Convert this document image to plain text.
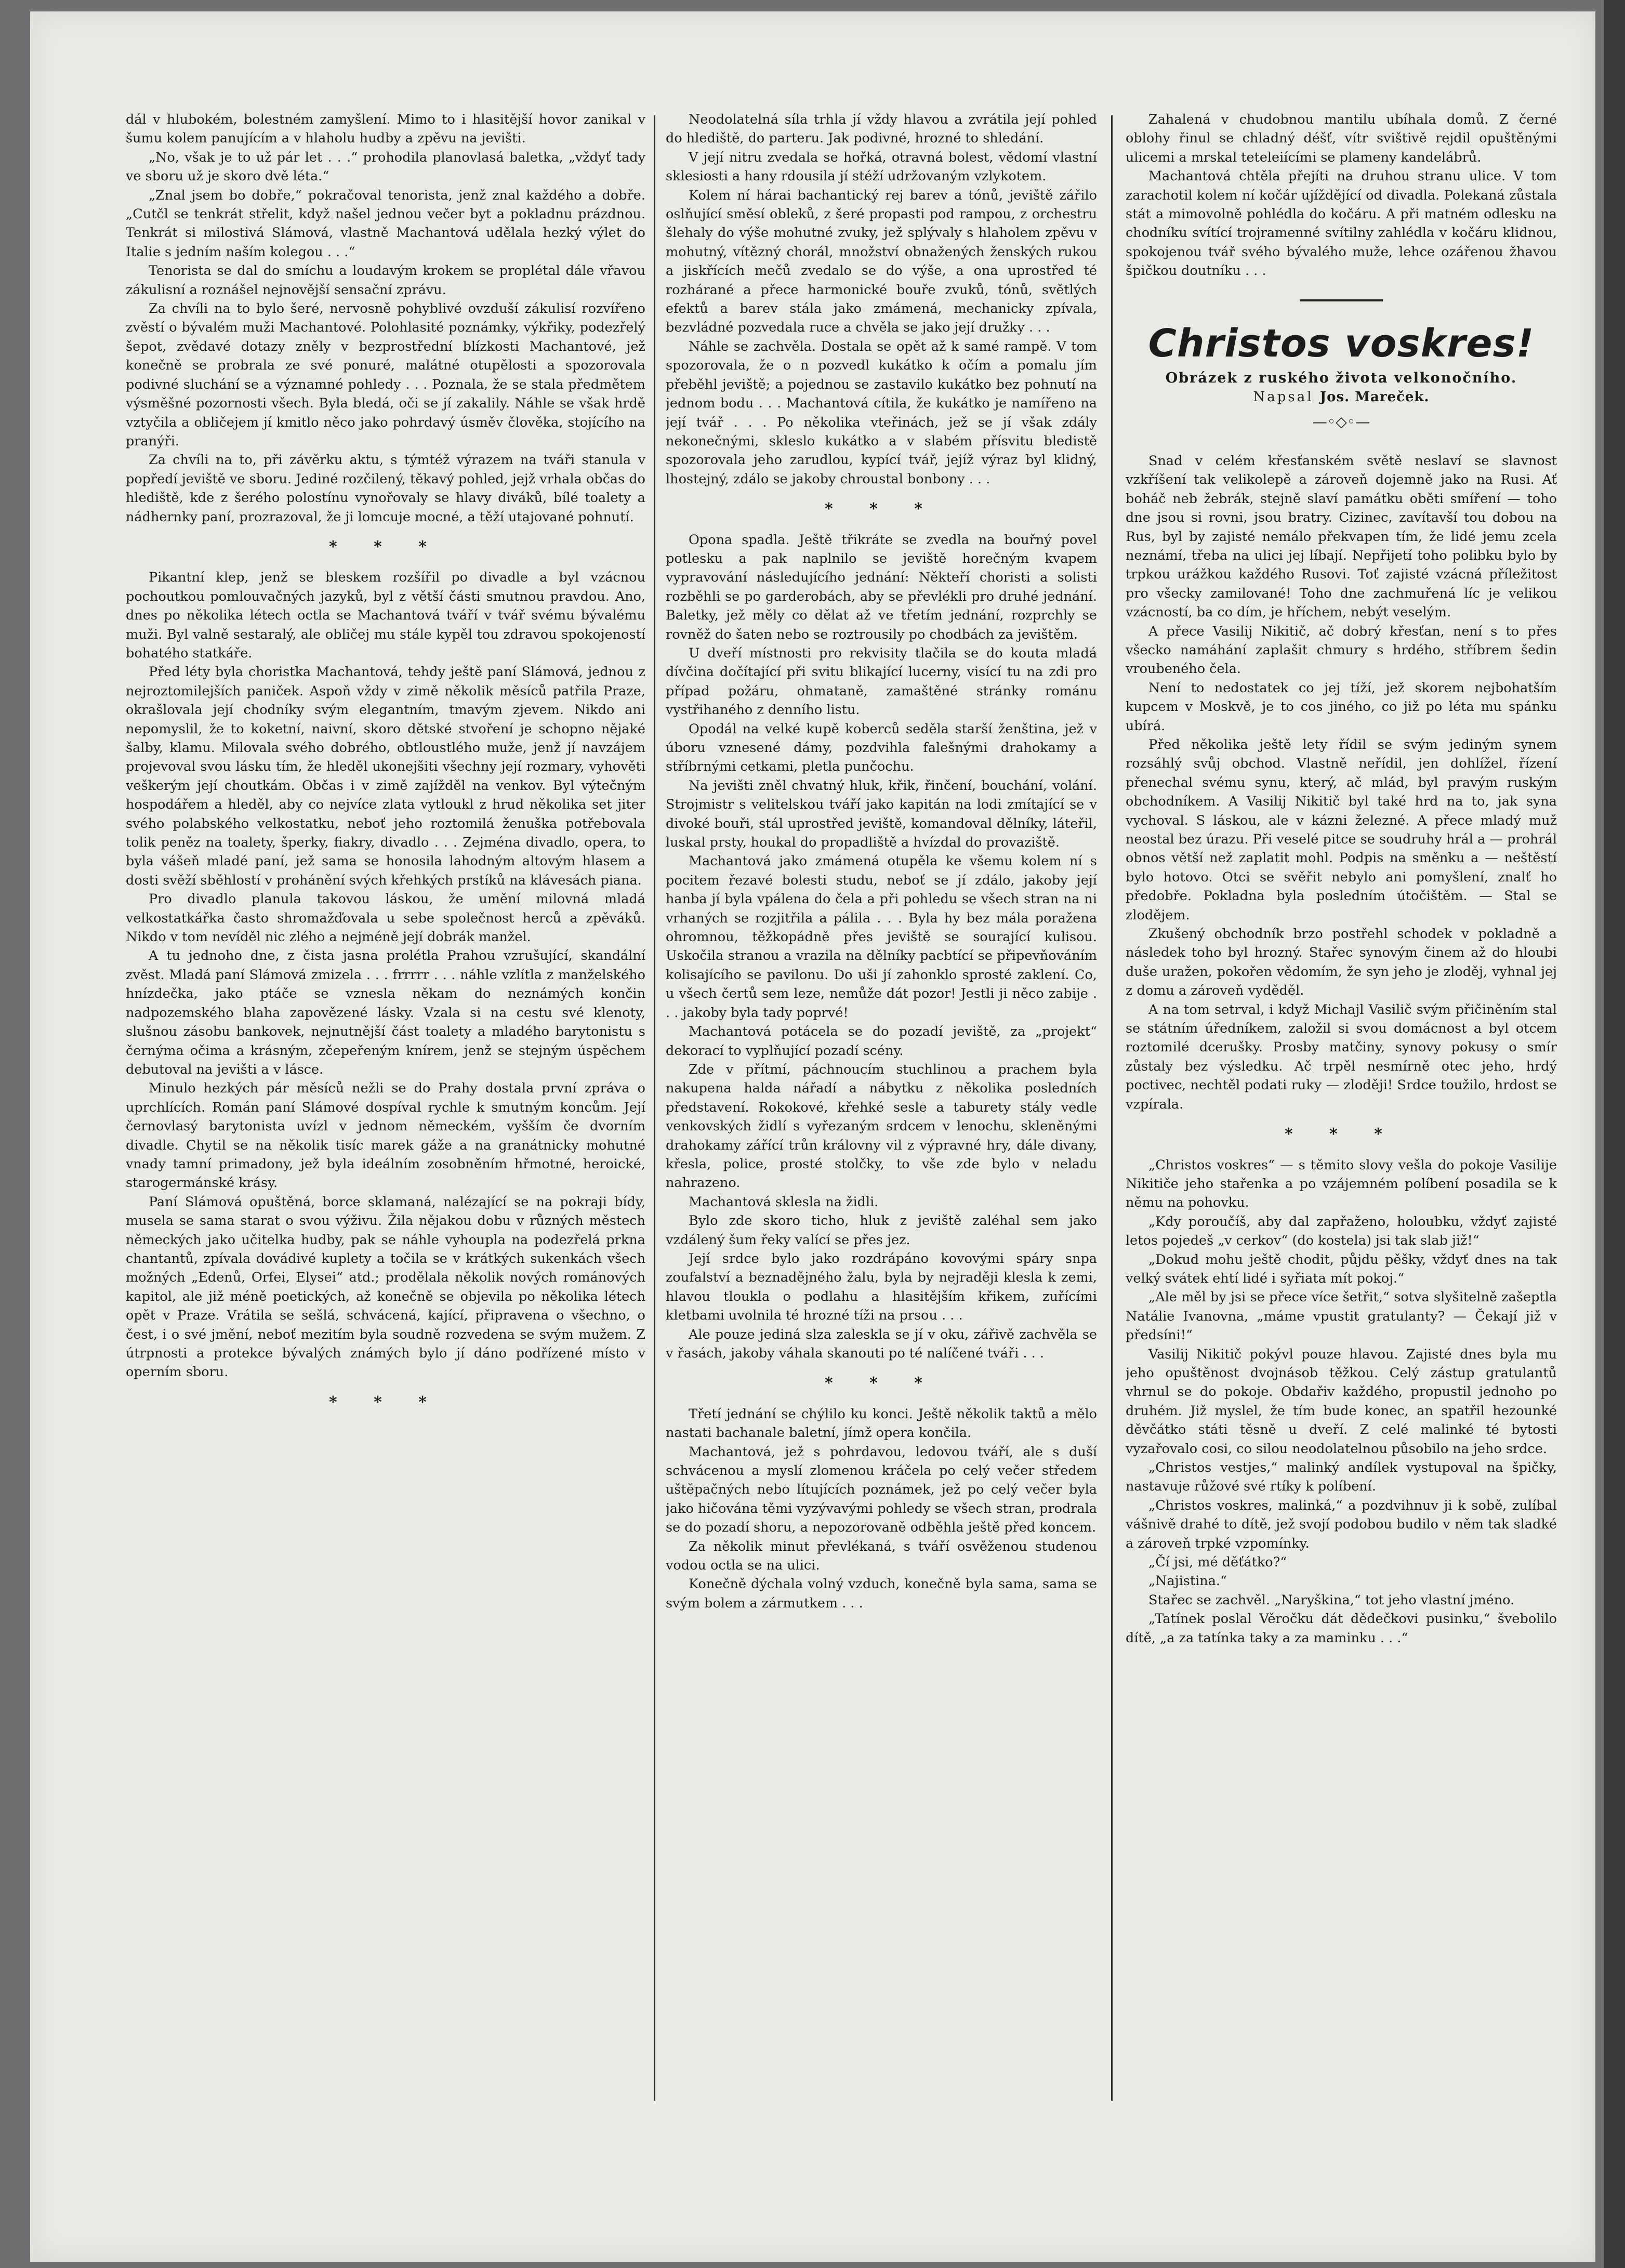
dál v hlubokém, bolestném zamyšlení. Mimo to i hlasitější hovor zanikal v šumu kolem panujícím a v hlaholu hudby a zpěvu na jevišti.

„No, však je to už pár let . . .“ prohodila planovlasá baletka, „vždyť tady ve sboru už je skoro dvě léta.“

„Znal jsem bo dobře,“ pokračoval tenorista, jenž znal každého a dobře. „Cutčl se tenkrát střelit, když našel jednou večer byt a pokladnu prázdnou. Tenkrát si milostivá Slámová, vlastně Machantová udělala hezký výlet do Italie s jedním naším kolegou . . .“

Tenorista se dal do smíchu a loudavým krokem se proplétal dále vřavou zákulisní a roznášel nejnovější sensační zprávu.

Za chvíli na to bylo šeré, nervosně pohyblivé ovzduší zákulisí rozvířeno zvěstí o bývalém muži Machantové. Polohlasité poznámky, výkřiky, podezřelý šepot, zvědavé dotazy zněly v bezprostřední blízkosti Machantové, jež konečně se probrala ze své ponuré, malátné otupělosti a spozorovala podivné sluchání se a významné pohledy . . . Poznala, že se stala předmětem výsměšné pozornosti všech. Byla bledá, oči se jí zakalily. Náhle se však hrdě vztyčila a obličejem jí kmitlo něco jako pohrdavý úsměv člověka, stojícího na pranýři.

Za chvíli na to, při závěrku aktu, s týmtéž výrazem na tváři stanula v popředí jeviště ve sboru. Jediné rozčilený, těkavý pohled, jejž vrhala občas do hlediště, kde z šerého polostínu vynořovaly se hlavy diváků, bílé toalety a nádhernky paní, prozrazoval, že ji lomcuje mocné, a těží utajované pohnutí.

* * *

Pikantní klep, jenž se bleskem rozšířil po divadle a byl vzácnou pochoutkou pomlouvačných jazyků, byl z větší části smutnou pravdou. Ano, dnes po několika létech octla se Machantová tváří v tvář svému bývalému muži. Byl valně sestaralý, ale obličej mu stále kypěl tou zdravou spokojeností bohatého statkáře.

Před léty byla choristka Machantová, tehdy ještě paní Slámová, jednou z nejroztomilejších paniček. Aspoň vždy v zimě několik měsíců patřila Praze, okrašlovala její chodníky svým elegantním, tmavým zjevem. Nikdo ani nepomyslil, že to koketní, naivní, skoro dětské stvoření je schopno nějaké šalby, klamu. Milovala svého dobrého, obtloustlého muže, jenž jí navzájem projevoval svou lásku tím, že hleděl ukonejšiti všechny její rozmary, vyhověti veškerým její choutkám. Občas i v zimě zajížděl na venkov. Byl výtečným hospodářem a hleděl, aby co nejvíce zlata vytloukl z hrud několika set jiter svého polabského velkostatku, neboť jeho roztomilá ženuška potřebovala tolik peněz na toalety, šperky, fiakry, divadlo . . . Zejména divadlo, opera, to byla vášeň mladé paní, jež sama se honosila lahodným altovým hlasem a dosti svěží sběhlostí v prohánění svých křehkých prstíků na klávesách piana.

Pro divadlo planula takovou láskou, že umění milovná mladá velkostatkářka často shromažďovala u sebe společnost herců a zpěváků. Nikdo v tom nevíděl nic zlého a nejméně její dobrák manžel.

A tu jednoho dne, z čista jasna prolétla Prahou vzrušující, skandální zvěst. Mladá paní Slámová zmizela . . . frrrrr . . . náhle vzlítla z manželského hnízdečka, jako ptáče se vznesla někam do neznámých končin nadpozemského blaha zapovězené lásky. Vzala si na cestu své klenoty, slušnou zásobu bankovek, nejnutnější část toalety a mladého barytonistu s černýma očima a krásným, zčepeřeným knírem, jenž se stejným úspěchem debutoval na jevišti a v lásce.

Minulo hezkých pár měsíců nežli se do Prahy dostala první zpráva o uprchlících. Román paní Slámové dospíval rychle k smutným koncům. Její černovlasý barytonista uvízl v jednom německém, vyšším če dvorním divadle. Chytil se na několik tisíc marek gáže a na granátnicky mohutné vnady tamní primadony, jež byla ideálním zosobněním hřmotné, heroické, starogermánské krásy.

Paní Slámová opuštěná, borce sklamaná, nalézající se na pokraji bídy, musela se sama starat o svou výživu. Žila nějakou dobu v různých městech německých jako učitelka hudby, pak se náhle vyhoupla na podezřelá prkna chantantů, zpívala dovádivé kuplety a točila se v krátkých sukenkách všech možných „Edenů, Orfei, Elysei“ atd.; prodělala několik nových románových kapitol, ale již méně poetických, až konečně se objevila po několika létech opět v Praze. Vrátila se sešlá, schvácená, kající, připravena o všechno, o čest, i o své jmění, neboť mezitím byla soudně rozvedena se svým mužem. Z útrpnosti a protekce bývalých známých bylo jí dáno podřízené místo v operním sboru.

* * *

Neodolatelná síla trhla jí vždy hlavou a zvrátila její pohled do hlediště, do parteru. Jak podivné, hrozné to shledání.

V její nitru zvedala se hořká, otravná bolest, vědomí vlastní sklesiosti a hany rdousila jí stéží udržovaným vzlykotem.

Kolem ní hárai bachantický rej barev a tónů, jeviště zářilo oslňující směsí obleků, z šeré propasti pod rampou, z orchestru šlehaly do výše mohutné zvuky, jež splývaly s hlaholem zpěvu v mohutný, vítězný chorál, množství obnažených ženských rukou a jiskřících mečů zvedalo se do výše, a ona uprostřed té rozhárané a přece harmonické bouře zvuků, tónů, světlých efektů a barev stála jako zmámená, mechanicky zpívala, bezvládné pozvedala ruce a chvěla se jako její družky . . .

Náhle se zachvěla. Dostala se opět až k samé rampě. V tom spozorovala, že o n pozvedl kukátko k očím a pomalu jím přeběhl jeviště; a pojednou se zastavilo kukátko bez pohnutí na jednom bodu . . . Machantová cítila, že kukátko je namířeno na její tvář . . . Po několika vteřinách, jež se jí však zdály nekonečnými, skleslo kukátko a v slabém přísvitu bledistě spozorovala jeho zarudlou, kypící tvář, jejíž výraz byl klidný, lhostejný, zdálo se jakoby chroustal bonbony . . .

* * *

Opona spadla. Ještě třikráte se zvedla na bouřný povel potlesku a pak naplnilo se jeviště horečným kvapem vypravování následujícího jednání: Někteří choristi a solisti rozběhli se po garderobách, aby se převlékli pro druhé jednání. Baletky, jež měly co dělat až ve třetím jednání, rozprchly se rovněž do šaten nebo se roztrousily po chodbách za jevištěm.

U dveří místnosti pro rekvisity tlačila se do kouta mladá dívčina dočítající při svitu blikající lucerny, visící tu na zdi pro případ požáru, ohmataně, zamaštěné stránky románu vystřihaného z denního listu.

Opodál na velké kupě koberců seděla starší ženština, jež v úboru vznesené dámy, pozdvihla falešnými drahokamy a stříbrnými cetkami, pletla punčochu.

Na jevišti zněl chvatný hluk, křik, řinčení, bouchání, volání. Strojmistr s velitelskou tváří jako kapitán na lodi zmítající se v divoké bouři, stál uprostřed jeviště, komandoval dělníky, láteřil, luskal prsty, houkal do propadliště a hvízdal do provaziště.

Machantová jako zmámená otupěla ke všemu kolem ní s pocitem řezavé bolesti studu, neboť se jí zdálo, jakoby její hanba jí byla vpálena do čela a při pohledu se všech stran na ni vrhaných se rozjitřila a pálila . . . Byla hy bez mála poražena ohromnou, těžkopádně přes jeviště se sourající kulisou. Uskočila stranou a vrazila na dělníky pacbtící se připevňováním kolisajícího se pavilonu. Do uši jí zahonklo sprosté zaklení. Co, u všech čertů sem leze, nemůže dát pozor! Jestli ji něco zabije . . . jakoby byla tady poprvé!

Machantová potácela se do pozadí jeviště, za „projekt“ dekorací to vyplňující pozadí scény.

Zde v přítmí, páchnoucím stuchlinou a prachem byla nakupena halda nářadí a nábytku z několika posledních představení. Rokokové, křehké sesle a taburety stály vedle venkovských židlí s vyřezaným srdcem v lenochu, skleněnými drahokamy zářící trůn královny vil z výpravné hry, dále divany, křesla, police, prosté stolčky, to vše zde bylo v neladu nahrazeno.

Machantová sklesla na židli.

Bylo zde skoro ticho, hluk z jeviště zaléhal sem jako vzdálený šum řeky valící se přes jez.

Její srdce bylo jako rozdrápáno kovovými spáry snpa zoufalství a beznadějného žalu, byla by nejraději klesla k zemi, hlavou tloukla o podlahu a hlasitějším křikem, zuřícími kletbami uvolnila té hrozné tíži na prsou . . .

Ale pouze jediná slza zaleskla se jí v oku, zářivě zachvěla se v řasách, jakoby váhala skanouti po té nalíčené tváři . . .

* * *

Třetí jednání se chýlilo ku konci. Ještě několik taktů a mělo nastati bachanale baletní, jímž opera končila.

Machantová, jež s pohrdavou, ledovou tváří, ale s duší schvácenou a myslí zlomenou kráčela po celý večer středem uštěpačných nebo lítujících poznámek, jež po celý večer byla jako hičována těmi vyzývavými pohledy se všech stran, prodrala se do pozadí shoru, a nepozorovaně odběhla ještě před koncem.

Za několik minut převlékaná, s tváří osvěženou studenou vodou octla se na ulici.

Konečně dýchala volný vzduch, konečně byla sama, sama se svým bolem a zármutkem . . .

Zahalená v chudobnou mantilu ubíhala domů. Z černé oblohy řinul se chladný déšť, vítr svištivě rejdil opuštěnými ulicemi a mrskal teteleiícími se plameny kandelábrů.

Machantová chtěla přejíti na druhou stranu ulice. V tom zarachotil kolem ní kočár ujíždějící od divadla. Polekaná zůstala stát a mimovolně pohlédla do kočáru. A při matném odlesku na chodníku svítící trojramenné svítilny zahlédla v kočáru klidnou, spokojenou tvář svého bývalého muže, lehce ozářenou žhavou špičkou doutníku . . .

Christos voskres!
Obrázek z ruského života velkonočního.
Napsal Jos. Mareček.
—◦◇◦—

Snad v celém křesťanském světě neslaví se slavnost vzkříšení tak velikolepě a zároveň dojemně jako na Rusi. Ať boháč neb žebrák, stejně slaví památku oběti smíření — toho dne jsou si rovni, jsou bratry. Cizinec, zavítavší tou dobou na Rus, byl by zajisté nemálo překvapen tím, že lidé jemu zcela neznámí, třeba na ulici jej líbají. Nepřijetí toho polibku bylo by trpkou urážkou každého Rusovi. Toť zajisté vzácná příležitost pro všecky zamilované! Toho dne zachmuřená líc je velikou vzácností, ba co dím, je hříchem, nebýt veselým.

A přece Vasilij Nikitič, ač dobrý křesťan, není s to přes všecko namáhání zaplašit chmury s hrdého, stříbrem šedin vroubeného čela.

Není to nedostatek co jej tíží, jež skorem nejbohatším kupcem v Moskvě, je to cos jiného, co již po léta mu spánku ubírá.

Před několika ještě lety řídil se svým jediným synem rozsáhlý svůj obchod. Vlastně neřídil, jen dohlížel, řízení přenechal svému synu, který, ač mlád, byl pravým ruským obchodníkem. A Vasilij Nikitič byl také hrd na to, jak syna vychoval. S láskou, ale v kázni železné. A přece mladý muž neostal bez úrazu. Při veselé pitce se soudruhy hrál a — prohrál obnos větší než zaplatit mohl. Podpis na směnku a — neštěstí bylo hotovo. Otci se svěřit nebylo ani pomyšlení, znalť ho předobře. Pokladna byla posledním útočištěm. — Stal se zlodějem.

Zkušený obchodník brzo postřehl schodek v pokladně a následek toho byl hrozný. Stařec synovým činem až do hloubi duše uražen, pokořen vědomím, že syn jeho je zloděj, vyhnal jej z domu a zároveň vyděděl.

A na tom setrval, i když Michajl Vasilič svým přičiněním stal se státním úředníkem, založil si svou domácnost a byl otcem roztomilé dcerušky. Prosby matčiny, synovy pokusy o smír zůstaly bez výsledku. Ač trpěl nesmírně otec jeho, hrdý poctivec, nechtěl podati ruky — zloději! Srdce toužilo, hrdost se vzpírala.

* * *

„Christos voskres“ — s těmito slovy vešla do pokoje Vasilije Nikitiče jeho stařenka a po vzájemném políbení posadila se k němu na pohovku.

„Kdy poroučíš, aby dal zapřaženo, holoubku, vždyť zajisté letos pojedeš „v cerkov“ (do kostela) jsi tak slab již!“

„Dokud mohu ještě chodit, půjdu pěšky, vždyť dnes na tak velký svátek ehtí lidé i syřiata mít pokoj.“

„Ale měl by jsi se přece více šetřit,“ sotva slyšitelně zašeptla Natálie Ivanovna, „máme vpustit gratulanty? — Čekají již v předsíni!“

Vasilij Nikitič pokývl pouze hlavou. Zajisté dnes byla mu jeho opuštěnost dvojnásob těžkou. Celý zástup gratulantů vhrnul se do pokoje. Obdařiv každého, propustil jednoho po druhém. Již myslel, že tím bude konec, an spatřil hezounké děvčátko státi těsně u dveří. Z celé malinké té bytosti vyzařovalo cosi, co silou neodolatelnou působilo na jeho srdce.

„Christos vestjes,“ malinký andílek vystupoval na špičky, nastavuje růžové své rtíky k políbení.

„Christos voskres, malinká,“ a pozdvihnuv ji k sobě, zulíbal vášnivě drahé to dítě, jež svojí podobou budilo v něm tak sladké a zároveň trpké vzpomínky.

„Čí jsi, mé děťátko?“

„Najistina.“

Stařec se zachvěl. „Naryškina,“ tot jeho vlastní jméno.

„Tatínek poslal Věročku dát dědečkovi pusinku,“ švebolilo dítě, „a za tatínka taky a za maminku . . .“
